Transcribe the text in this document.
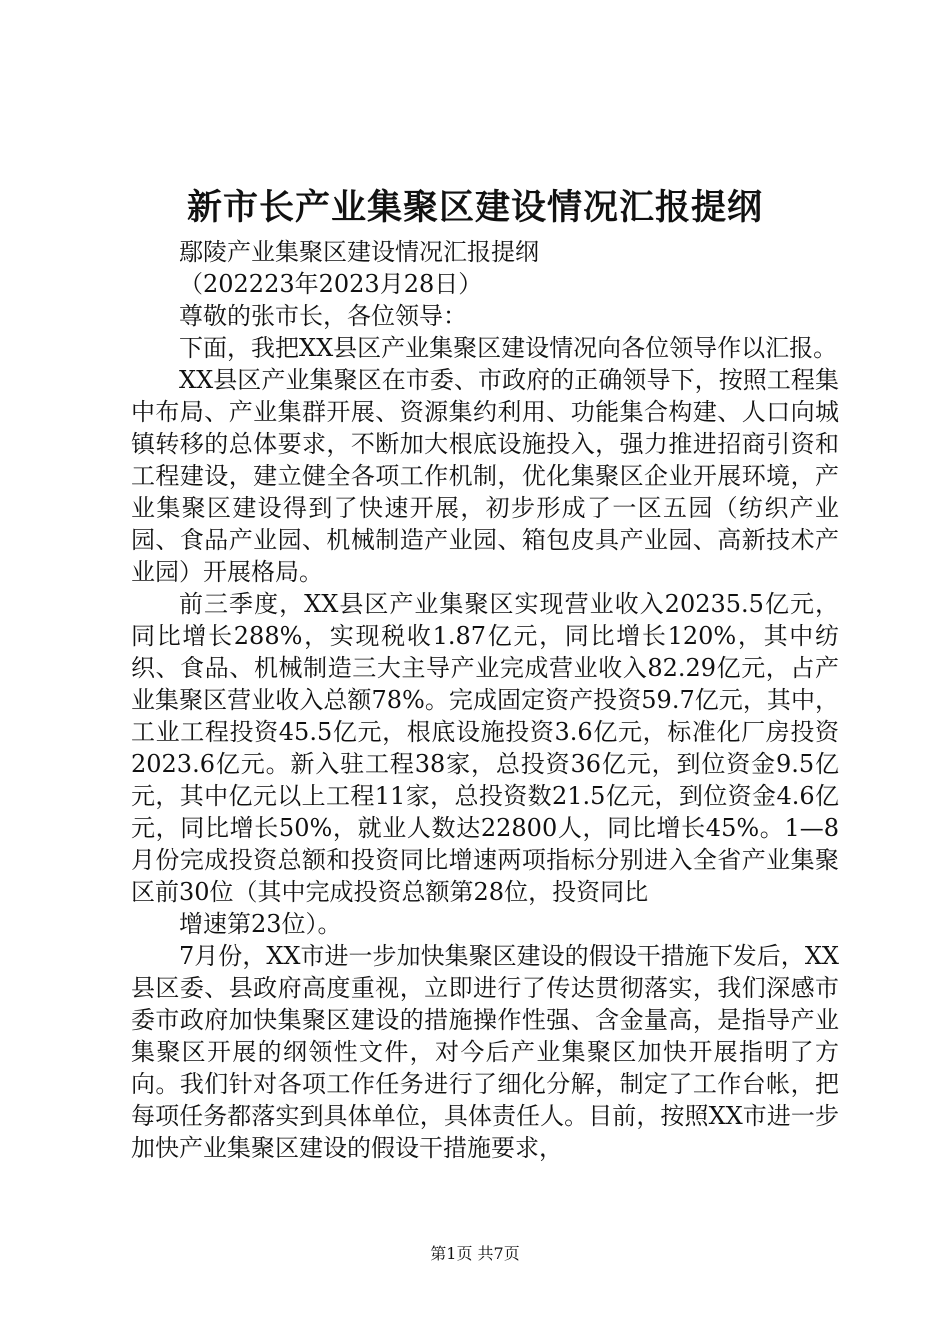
新市长产业集聚区建设情况汇报提纲

鄢陵产业集聚区建设情况汇报提纲

（202223年2023月28日）

尊敬的张市长，各位领导：

下面，我把XX县区产业集聚区建设情况向各位领导作以汇报。

XX县区产业集聚区在市委、市政府的正确领导下，按照工程集中布局、产业集群开展、资源集约利用、功能集合构建、人口向城镇转移的总体要求，不断加大根底设施投入，强力推进招商引资和工程建设，建立健全各项工作机制，优化集聚区企业开展环境，产业集聚区建设得到了快速开展，初步形成了一区五园（纺织产业园、食品产业园、机械制造产业园、箱包皮具产业园、高新技术产业园）开展格局。

前三季度，XX县区产业集聚区实现营业收入20235.5亿元，同比增长288%，实现税收1.87亿元，同比增长120%，其中纺织、食品、机械制造三大主导产业完成营业收入82.29亿元，占产业集聚区营业收入总额78%。完成固定资产投资59.7亿元，其中，工业工程投资45.5亿元，根底设施投资3.6亿元，标准化厂房投资2023.6亿元。新入驻工程38家，总投资36亿元，到位资金9.5亿元，其中亿元以上工程11家，总投资数21.5亿元，到位资金4.6亿元，同比增长50%，就业人数达22800人，同比增长45%。1—8月份完成投资总额和投资同比增速两项指标分别进入全省产业集聚区前30位（其中完成投资总额第28位，投资同比

增速第23位）。

7月份，XX市进一步加快集聚区建设的假设干措施下发后，XX县区委、县政府高度重视，立即进行了传达贯彻落实，我们深感市委市政府加快集聚区建设的措施操作性强、含金量高，是指导产业集聚区开展的纲领性文件，对今后产业集聚区加快开展指明了方向。我们针对各项工作任务进行了细化分解，制定了工作台帐，把每项任务都落实到具体单位，具体责任人。目前，按照XX市进一步加快产业集聚区建设的假设干措施要求，

第1页 共7页
